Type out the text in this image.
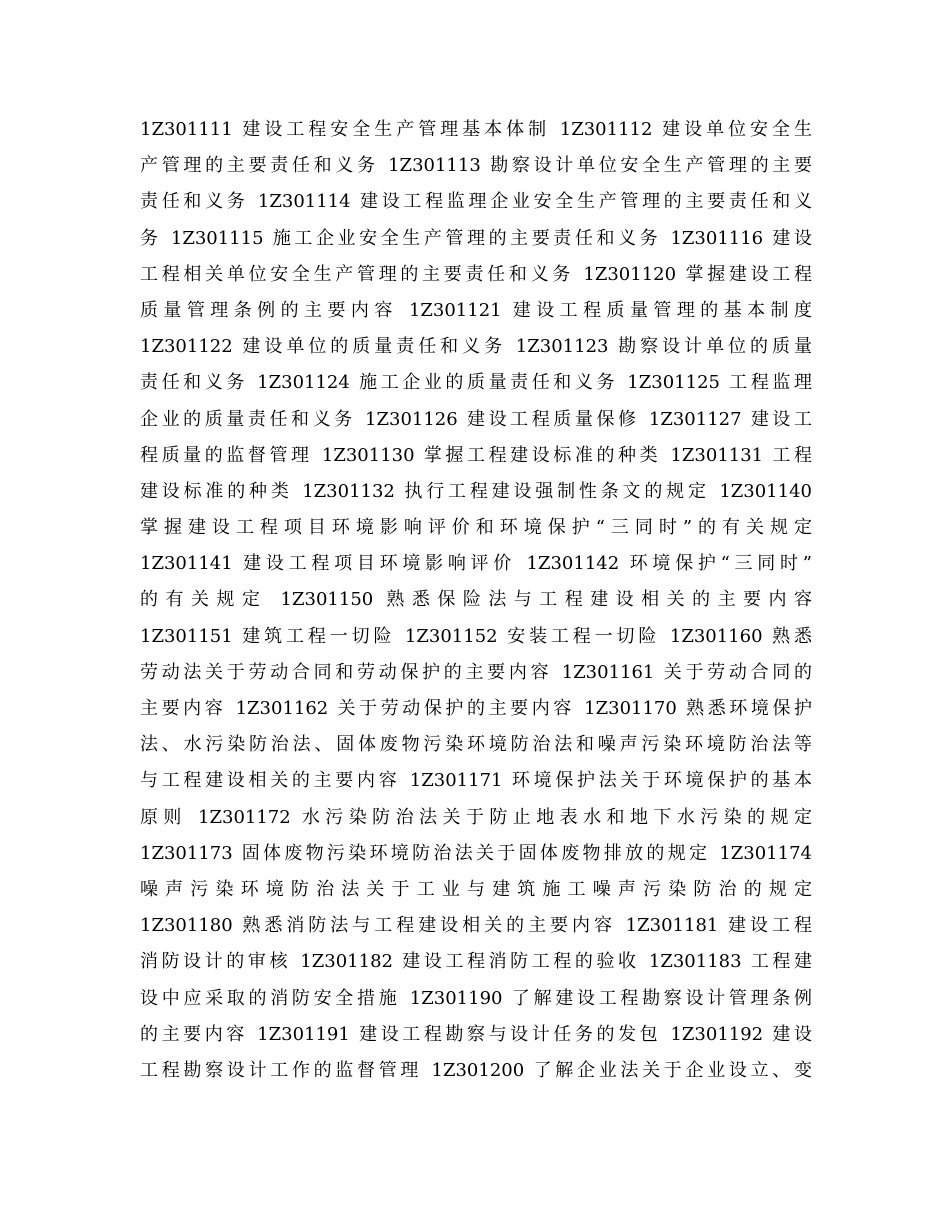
1Z301111 建设工程安全生产管理基本体制 1Z301112 建设单位安全生
产管理的主要责任和义务 1Z301113 勘察设计单位安全生产管理的主要
责任和义务 1Z301114 建设工程监理企业安全生产管理的主要责任和义
务 1Z301115 施工企业安全生产管理的主要责任和义务 1Z301116 建设
工程相关单位安全生产管理的主要责任和义务 1Z301120 掌握建设工程
质量管理条例的主要内容 1Z301121 建设工程质量管理的基本制度
1Z301122 建设单位的质量责任和义务 1Z301123 勘察设计单位的质量
责任和义务 1Z301124 施工企业的质量责任和义务 1Z301125 工程监理
企业的质量责任和义务 1Z301126 建设工程质量保修 1Z301127 建设工
程质量的监督管理 1Z301130 掌握工程建设标准的种类 1Z301131 工程
建设标准的种类 1Z301132 执行工程建设强制性条文的规定 1Z301140
掌握建设工程项目环境影响评价和环境保护“三同时”的有关规定
1Z301141 建设工程项目环境影响评价 1Z301142 环境保护“三同时”
的有关规定 1Z301150 熟悉保险法与工程建设相关的主要内容
1Z301151 建筑工程一切险 1Z301152 安装工程一切险 1Z301160 熟悉
劳动法关于劳动合同和劳动保护的主要内容 1Z301161 关于劳动合同的
主要内容 1Z301162 关于劳动保护的主要内容 1Z301170 熟悉环境保护
法、水污染防治法、固体废物污染环境防治法和噪声污染环境防治法等
与工程建设相关的主要内容 1Z301171 环境保护法关于环境保护的基本
原则 1Z301172 水污染防治法关于防止地表水和地下水污染的规定
1Z301173 固体废物污染环境防治法关于固体废物排放的规定 1Z301174
噪声污染环境防治法关于工业与建筑施工噪声污染防治的规定
1Z301180 熟悉消防法与工程建设相关的主要内容 1Z301181 建设工程
消防设计的审核 1Z301182 建设工程消防工程的验收 1Z301183 工程建
设中应采取的消防安全措施 1Z301190 了解建设工程勘察设计管理条例
的主要内容 1Z301191 建设工程勘察与设计任务的发包 1Z301192 建设
工程勘察设计工作的监督管理 1Z301200 了解企业法关于企业设立、变
